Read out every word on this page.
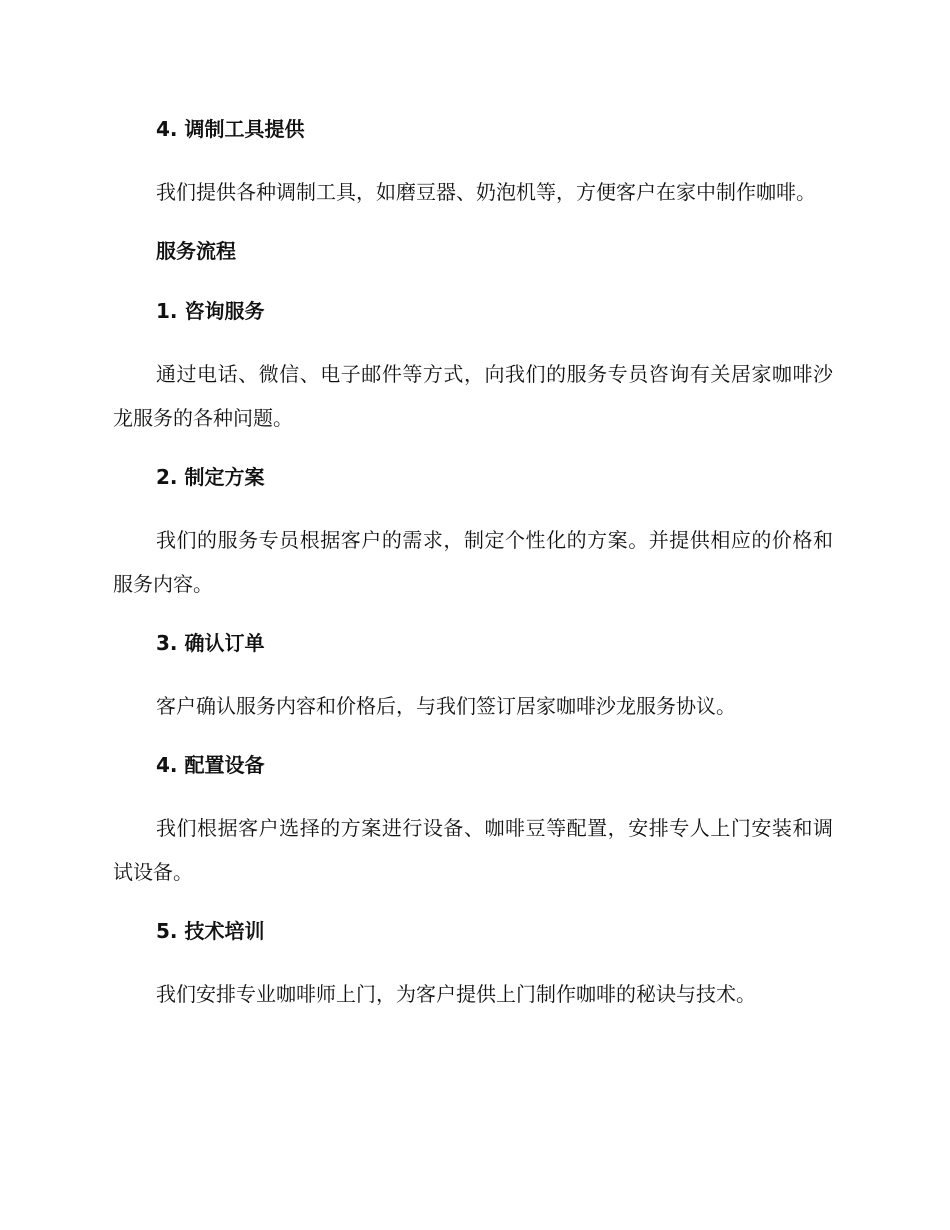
4. 调制工具提供

我们提供各种调制工具，如磨豆器、奶泡机等，方便客户在家中制作咖啡。

服务流程
1. 咨询服务

通过电话、微信、电子邮件等方式，向我们的服务专员咨询有关居家咖啡沙龙服务的各种问题。

2. 制定方案

我们的服务专员根据客户的需求，制定个性化的方案。并提供相应的价格和服务内容。

3. 确认订单

客户确认服务内容和价格后，与我们签订居家咖啡沙龙服务协议。

4. 配置设备

我们根据客户选择的方案进行设备、咖啡豆等配置，安排专人上门安装和调试设备。

5. 技术培训

我们安排专业咖啡师上门，为客户提供上门制作咖啡的秘诀与技术。
